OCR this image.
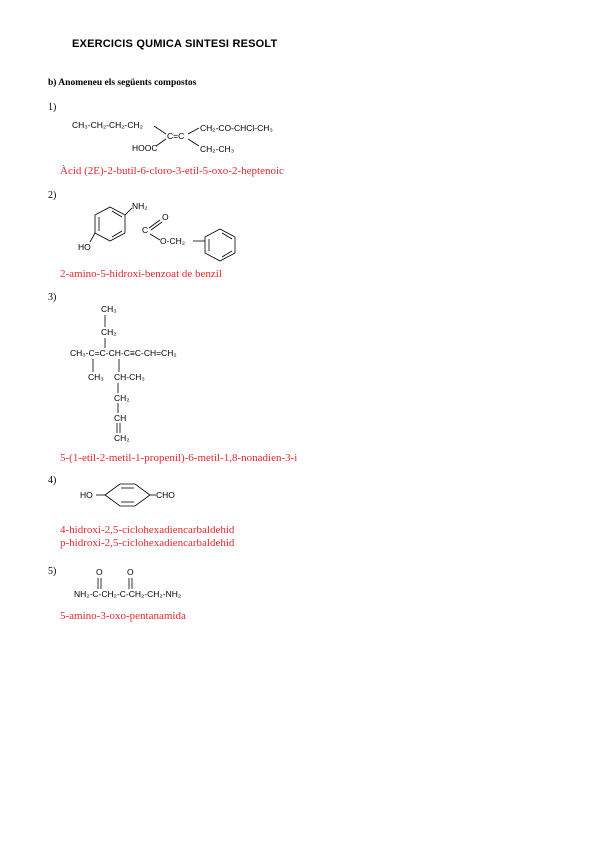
EXERCICIS QUMICA SINTESI RESOLT
b) Anomeneu els següents compostos
1)
CH₃-CH₂-CH₂-CH₂
C=C
CH₂-CO-CHCl-CH₃
HOOC	CH₂-CH₃
Àcid (2E)-2-butil-6-cloro-3-etil-5-oxo-2-heptenoic
2)
NH₂
HO
C
O
O-CH₂
2-amino-5-hidroxi-benzoat de benzil
3)
CH₃
CH₂
CH₃-C=C-CH-C≡C-CH=CH₂
CH₃ CH-CH₃
CH₂
CH
CH₂
5-(1-etil-2-metil-1-propenil)-6-metil-1,8-nonadien-3-i
4)
HO	CHO
4-hidroxi-2,5-ciclohexadiencarbaldehid
p-hidroxi-2,5-ciclohexadiencarbaldehid
5)	O	O
NH₂-C-CH₂-C-CH₂-CH₂-NH₂
5-amino-3-oxo-pentanamida
